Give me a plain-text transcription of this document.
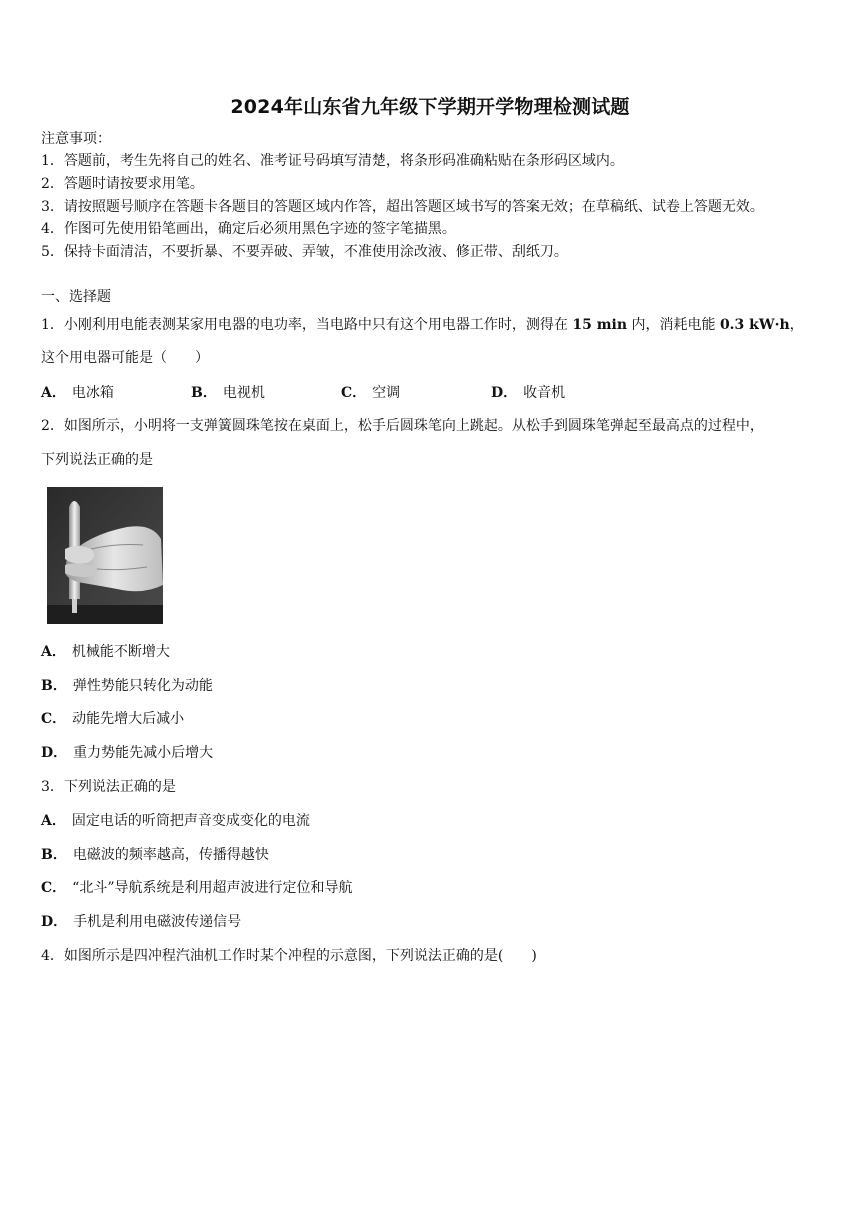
2024年山东省九年级下学期开学物理检测试题
注意事项：
1．答题前，考生先将自己的姓名、准考证号码填写清楚，将条形码准确粘贴在条形码区域内。
2．答题时请按要求用笔。
3．请按照题号顺序在答题卡各题目的答题区域内作答，超出答题区域书写的答案无效；在草稿纸、试卷上答题无效。
4．作图可先使用铅笔画出，确定后必须用黑色字迹的签字笔描黑。
5．保持卡面清洁，不要折暴、不要弄破、弄皱，不准使用涂改液、修正带、刮纸刀。
一、选择题
1．小刚利用电能表测某家用电器的电功率，当电路中只有这个用电器工作时，测得在 15 min 内，消耗电能 0.3 kW·h，
这个用电器可能是（　　）
A． 电冰箱	B． 电视机	C． 空调	D． 收音机
2．如图所示，小明将一支弹簧圆珠笔按在桌面上，松手后圆珠笔向上跳起。从松手到圆珠笔弹起至最高点的过程中，
下列说法正确的是
A． 机械能不断增大
B． 弹性势能只转化为动能
C． 动能先增大后减小
D． 重力势能先减小后增大
3．下列说法正确的是
A． 固定电话的听筒把声音变成变化的电流
B． 电磁波的频率越高，传播得越快
C． “北斗”导航系统是利用超声波进行定位和导航
D． 手机是利用电磁波传递信号
4．如图所示是四冲程汽油机工作时某个冲程的示意图，下列说法正确的是(　　)
